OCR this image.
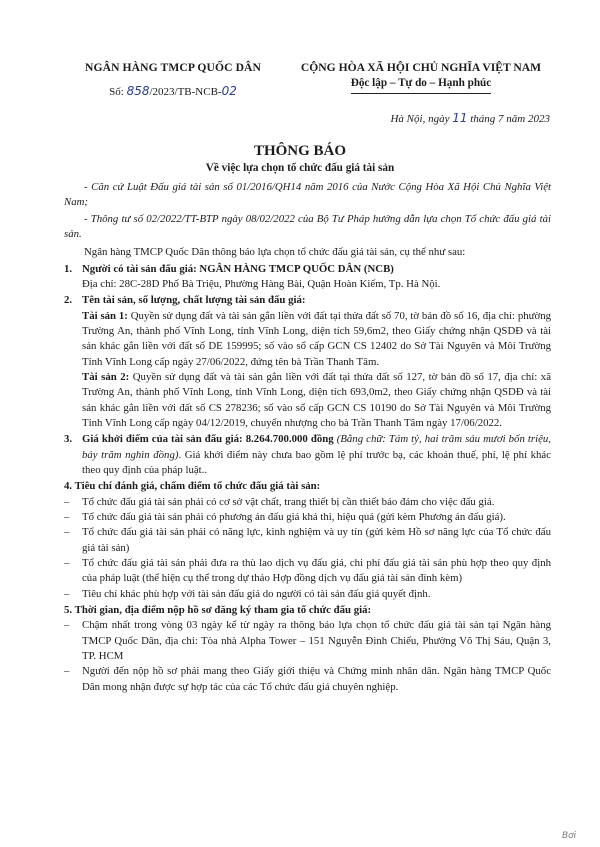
NGÂN HÀNG TMCP QUỐC DÂN
Số: 858/2023/TB-NCB-02
CỘNG HÒA XÃ HỘI CHỦ NGHĨA VIỆT NAM
Độc lập – Tự do – Hạnh phúc
Hà Nội, ngày 11 tháng 7 năm 2023
THÔNG BÁO
Về việc lựa chọn tổ chức đấu giá tài sản

- Căn cứ Luật Đấu giá tài sản số 01/2016/QH14 năm 2016 của Nước Cộng Hòa Xã Hội Chủ Nghĩa Việt Nam;

- Thông tư số 02/2022/TT-BTP ngày 08/02/2022 của Bộ Tư Pháp hướng dẫn lựa chọn Tổ chức đấu giá tài sản.

Ngân hàng TMCP Quốc Dân thông báo lựa chọn tổ chức đấu giá tài sản, cụ thể như sau:

1. Người có tài sản đấu giá: NGÂN HÀNG TMCP QUỐC DÂN (NCB)
Địa chỉ: 28C-28D Phố Bà Triệu, Phường Hàng Bài, Quận Hoàn Kiếm, Tp. Hà Nội.
2. Tên tài sản, số lượng, chất lượng tài sản đấu giá:

Tài sản 1: Quyền sử dụng đất và tài sản gắn liền với đất tại thửa đất số 70, tờ bản đồ số 16, địa chỉ: phường Trường An, thành phố Vĩnh Long, tỉnh Vĩnh Long, diện tích 59,6m2, theo Giấy chứng nhận QSDĐ và tài sản khác gắn liền với đất số DE 159995; số vào sổ cấp GCN CS 12402 do Sở Tài Nguyên và Môi Trường Tỉnh Vĩnh Long cấp ngày 27/06/2022, đứng tên bà Trần Thanh Tâm.

Tài sản 2: Quyền sử dụng đất và tài sản gắn liền với đất tại thửa đất số 127, tờ bản đồ số 17, địa chỉ: xã Trường An, thành phố Vĩnh Long, tỉnh Vĩnh Long, diện tích 693,0m2, theo Giấy chứng nhận QSDĐ và tài sản khác gắn liền với đất số CS 278236; số vào sổ cấp GCN CS 10190 do Sở Tài Nguyên và Môi Trường Tỉnh Vĩnh Long cấp ngày 04/12/2019, chuyển nhượng cho bà Trần Thanh Tâm ngày 17/06/2022.

3. Giá khởi điểm của tài sản đấu giá: 8.264.700.000 đồng (Bằng chữ: Tám tỷ, hai trăm sáu mươi bốn triệu, bảy trăm nghìn đồng). Giá khởi điểm này chưa bao gồm lệ phí trước bạ, các khoản thuế, phí, lệ phí khác theo quy định của pháp luật..
4. Tiêu chí đánh giá, chấm điểm tổ chức đấu giá tài sản:
– Tổ chức đấu giá tài sản phải có cơ sở vật chất, trang thiết bị cần thiết bảo đảm cho việc đấu giá.
– Tổ chức đấu giá tài sản phải có phương án đấu giá khả thi, hiệu quả (gửi kèm Phương án đấu giá).
– Tổ chức đấu giá tài sản phải có năng lực, kinh nghiệm và uy tín (gửi kèm Hồ sơ năng lực của Tổ chức đấu giá tài sản)
– Tổ chức đấu giá tài sản phải đưa ra thù lao dịch vụ đấu giá, chi phí đấu giá tài sản phù hợp theo quy định của pháp luật (thể hiện cụ thể trong dự thảo Hợp đồng dịch vụ đấu giá tài sản đính kèm)
– Tiêu chí khác phù hợp với tài sản đấu giá do người có tài sản đấu giá quyết định.
5. Thời gian, địa điểm nộp hồ sơ đăng ký tham gia tổ chức đấu giá:
– Chậm nhất trong vòng 03 ngày kể từ ngày ra thông báo lựa chọn tổ chức đấu giá tài sản tại Ngân hàng TMCP Quốc Dân, địa chỉ: Tòa nhà Alpha Tower – 151 Nguyễn Đình Chiểu, Phường Võ Thị Sáu, Quận 3, TP. HCM
– Người đến nộp hồ sơ phải mang theo Giấy giới thiệu và Chứng minh nhân dân. Ngân hàng TMCP Quốc Dân mong nhận được sự hợp tác của các Tổ chức đấu giá chuyên nghiệp.
Bơi
